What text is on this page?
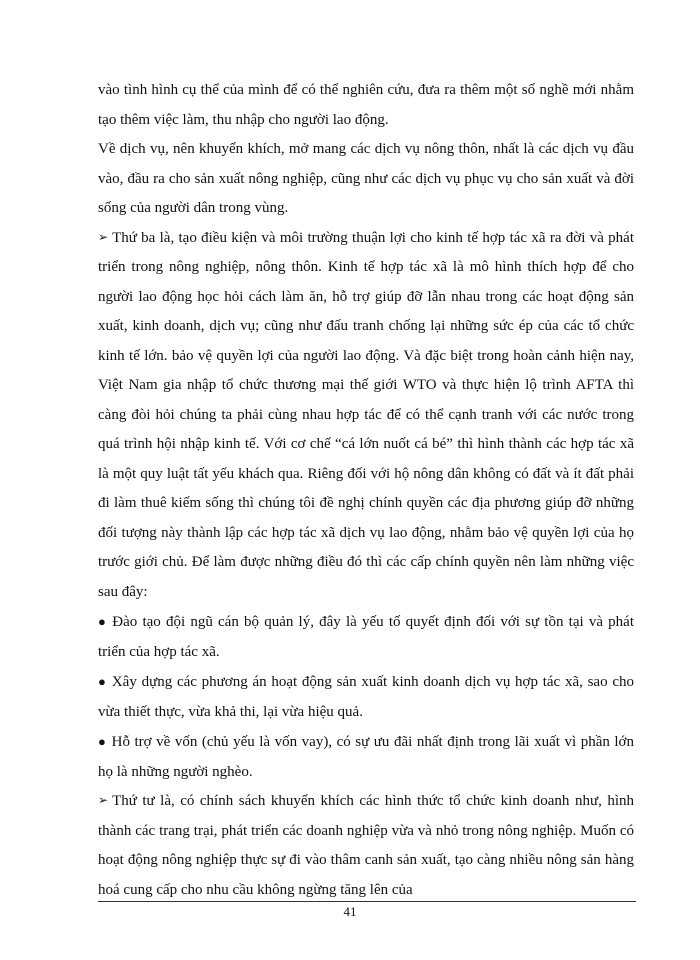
vào tình hình cụ thể của mình để có thể nghiên cứu, đưa ra thêm một số nghề mới nhằm tạo thêm việc làm, thu nhập cho người lao động.

Về dịch vụ, nên khuyến khích, mở mang các dịch vụ nông thôn, nhất là các dịch vụ đầu vào, đầu ra cho sản xuất nông nghiệp, cũng như các dịch vụ phục vụ cho sản xuất và đời sống của người dân trong vùng.

➢ Thứ ba là, tạo điều kiện và môi trường thuận lợi cho kinh tế hợp tác xã ra đời và phát triển trong nông nghiệp, nông thôn. Kinh tế hợp tác xã là mô hình thích hợp để cho người lao động học hỏi cách làm ăn, hỗ trợ giúp đỡ lẫn nhau trong các hoạt động sản xuất, kinh doanh, dịch vụ; cũng như đấu tranh chống lại những sức ép của các tổ chức kinh tế lớn. bảo vệ quyền lợi của người lao động. Và đặc biệt trong hoàn cảnh hiện nay, Việt Nam gia nhập tổ chức thương mại thế giới WTO và thực hiện lộ trình AFTA thì càng đòi hỏi chúng ta phải cùng nhau hợp tác để có thể cạnh tranh với các nước trong quá trình hội nhập kinh tế. Với cơ chế “cá lớn nuốt cá bé” thì hình thành các hợp tác xã là một quy luật tất yếu khách qua. Riêng đối với hộ nông dân không có đất và ít đất phải đi làm thuê kiếm sống thì chúng tôi đề nghị chính quyền các địa phương giúp đỡ những đối tượng này thành lập các hợp tác xã dịch vụ lao động, nhằm bảo vệ quyền lợi của họ trước giới chủ. Để làm được những điều đó thì các cấp chính quyền nên làm những việc sau đây:

● Đào tạo đội ngũ cán bộ quản lý, đây là yếu tố quyết định đối với sự tồn tại và phát triển của hợp tác xã.

● Xây dựng các phương án hoạt động sản xuất kinh doanh dịch vụ hợp tác xã, sao cho vừa thiết thực, vừa khả thi, lại vừa hiệu quả.

● Hỗ trợ về vốn (chủ yếu là vốn vay), có sự ưu đãi nhất định trong lãi xuất vì phần lớn họ là những người nghèo.

➢ Thứ tư là, có chính sách khuyến khích các hình thức tổ chức kinh doanh như, hình thành các trang trại, phát triển các doanh nghiệp vừa và nhỏ trong nông nghiệp. Muốn có hoạt động nông nghiệp thực sự đi vào thâm canh sản xuất, tạo càng nhiều nông sản hàng hoá cung cấp cho nhu cầu không ngừng tăng lên của

41
